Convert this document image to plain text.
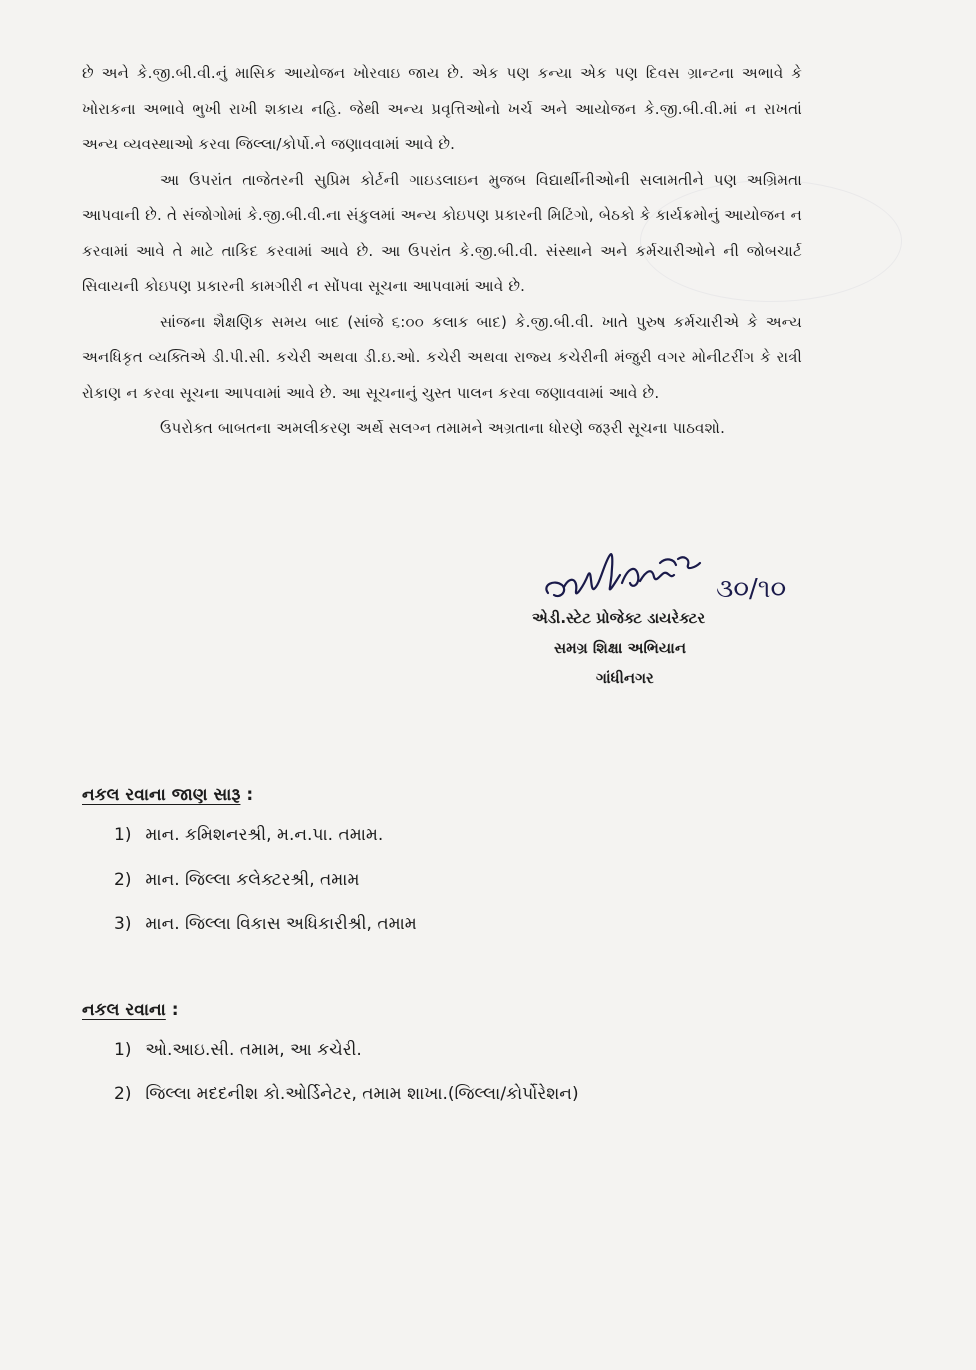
છે અને કે.જી.બી.વી.નું માસિક આયોજન ખોરવાઇ જાય છે. એક પણ કન્યા એક પણ દિવસ ગ્રાન્ટના અભાવે કે ખોરાકના અભાવે ભુખી રાખી શકાય નહિ. જેથી અન્ય પ્રવૃત્તિઓનો ખર્ચ અને આયોજન કે.જી.બી.વી.માં ન રાખતાં અન્ય વ્યવસ્થાઓ કરવા જિલ્લા/કોર્પો.ને જણાવવામાં આવે છે.

આ ઉપરાંત તાજેતરની સુપ્રિમ કોર્ટની ગાઇડલાઇન મુજબ વિદ્યાર્થીનીઓની સલામતીને પણ અગ્રિમતા આપવાની છે. તે સંજોગોમાં કે.જી.બી.વી.ના સંકુલમાં અન્ય કોઇપણ પ્રકારની મિટિંગો, બેઠકો કે કાર્યક્રમોનું આયોજન ન કરવામાં આવે તે માટે તાકિદ કરવામાં આવે છે. આ ઉપરાંત કે.જી.બી.વી. સંસ્થાને અને કર્મચારીઓને ની જોબચાર્ટ સિવાયની કોઇપણ પ્રકારની કામગીરી ન સોંપવા સૂચના આપવામાં આવે છે.

સાંજના શૈક્ષણિક સમય બાદ (સાંજે ૬:૦૦ કલાક બાદ) કે.જી.બી.વી. ખાતે પુરુષ કર્મચારીએ કે અન્ય અનધિકૃત વ્યક્તિએ ડી.પી.સી. કચેરી અથવા ડી.ઇ.ઓ. કચેરી અથવા રાજ્ય કચેરીની મંજુરી વગર મોનીટરીંગ કે રાત્રી રોકાણ ન કરવા સૂચના આપવામાં આવે છે. આ સૂચનાનું ચુસ્ત પાલન કરવા જણાવવામાં આવે છે.

ઉપરોક્ત બાબતના અમલીકરણ અર્થે સલગ્ન તમામને અગ્રતાના ધોરણે જરૂરી સૂચના પાઠવશો.

૩૦/૧૦
એડી.સ્ટેટ પ્રોજેક્ટ ડાયરેક્ટર
સમગ્ર શિક્ષા અભિયાન
ગાંધીનગર
નકલ રવાના જાણ સારૂ :
1) માન. કમિશનરશ્રી, મ.ન.પા. તમામ.
2) માન. જિલ્લા કલેક્ટરશ્રી, તમામ
3) માન. જિલ્લા વિકાસ અધિકારીશ્રી, તમામ
નકલ રવાના :
1) ઓ.આઇ.સી. તમામ, આ કચેરી.
2) જિલ્લા મદદનીશ કો.ઓર્ડિનેટર, તમામ શાખા.(જિલ્લા/કોર્પોરેશન)
